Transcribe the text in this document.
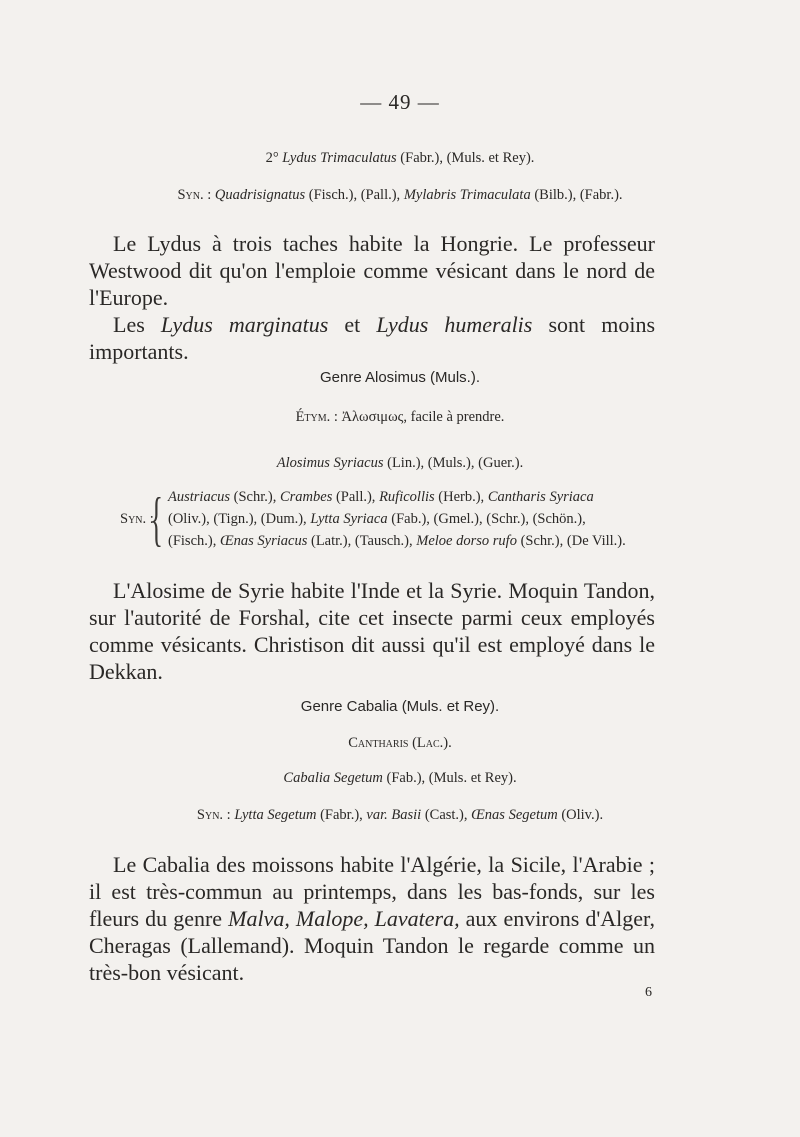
— 49 —
2° Lydus Trimaculatus (Fabr.), (Muls. et Rey).
Syn. : Quadrisignatus (Fisch.), (Pall.), Mylabris Trimaculata (Bilb.), (Fabr.).

Le Lydus à trois taches habite la Hongrie. Le professeur Westwood dit qu'on l'emploie comme vésicant dans le nord de l'Europe.

Les Lydus marginatus et Lydus humeralis sont moins importants.

Genre Alosimus (Muls.).
Étym. : Ἀλωσιμως, facile à prendre.
Alosimus Syriacus (Lin.), (Muls.), (Guer.).
Syn. :
{ Austriacus (Schr.), Crambes (Pall.), Ruficollis (Herb.), Cantharis Syriaca
(Oliv.), (Tign.), (Dum.), Lytta Syriaca (Fab.), (Gmel.), (Schr.), (Schön.),
(Fisch.), Œnas Syriacus (Latr.), (Tausch.), Meloe dorso rufo (Schr.), (De Vill.).

L'Alosime de Syrie habite l'Inde et la Syrie. Moquin Tandon, sur l'autorité de Forshal, cite cet insecte parmi ceux employés comme vésicants. Christison dit aussi qu'il est employé dans le Dekkan.

Genre Cabalia (Muls. et Rey).
Cantharis (Lac.).
Cabalia Segetum (Fab.), (Muls. et Rey).
Syn. : Lytta Segetum (Fabr.), var. Basii (Cast.), Œnas Segetum (Oliv.).

Le Cabalia des moissons habite l'Algérie, la Sicile, l'Arabie ; il est très-commun au printemps, dans les bas-fonds, sur les fleurs du genre Malva, Malope, Lavatera, aux environs d'Alger, Cheragas (Lallemand). Moquin Tandon le regarde comme un très-bon vésicant.

6
